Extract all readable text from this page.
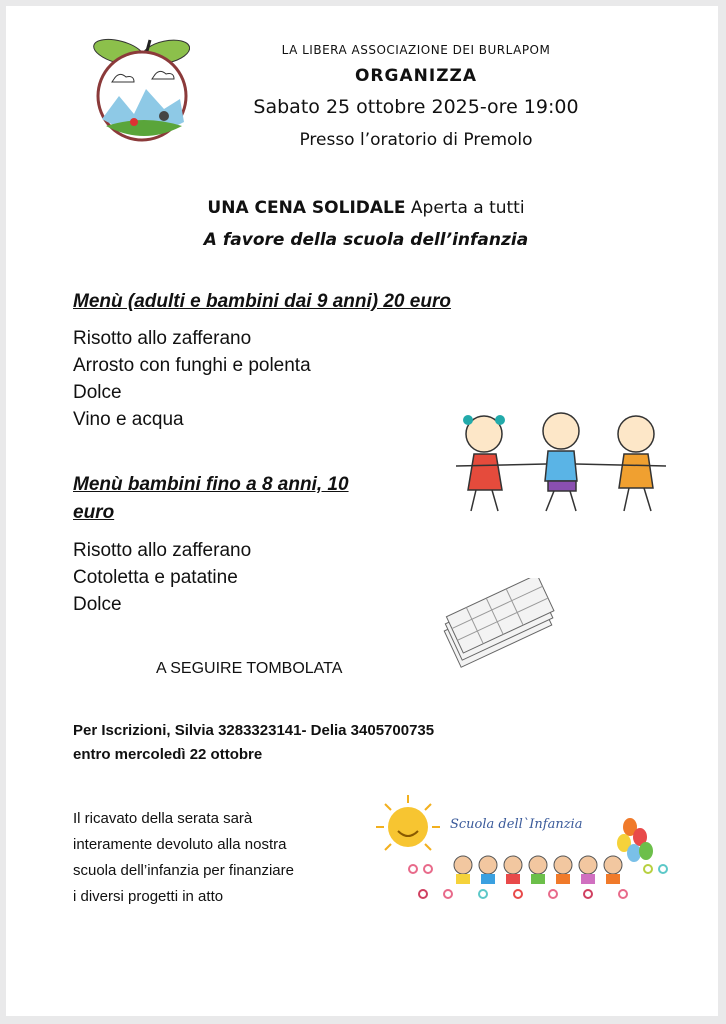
LA LIBERA ASSOCIAZIONE DEI BURLAPOM
ORGANIZZA
Sabato 25 ottobre 2025-ore 19:00
Presso l’oratorio di Premolo
UNA CENA SOLIDALE Aperta a tutti
A favore della scuola dell’infanzia
Menù (adulti e bambini dai 9 anni) 20 euro
Risotto allo zafferano
Arrosto con funghi e polenta
Dolce
Vino e acqua
Menù bambini fino a 8 anni, 10
euro
Risotto allo zafferano
Cotoletta e patatine
Dolce
A SEGUIRE TOMBOLATA
Per Iscrizioni, Silvia 3283323141- Delia 3405700735
entro mercoledì 22 ottobre
Il ricavato della serata sarà
interamente devoluto alla nostra
scuola dell’infanzia per finanziare
i diversi progetti in atto
Scuola dell`Infanzia
